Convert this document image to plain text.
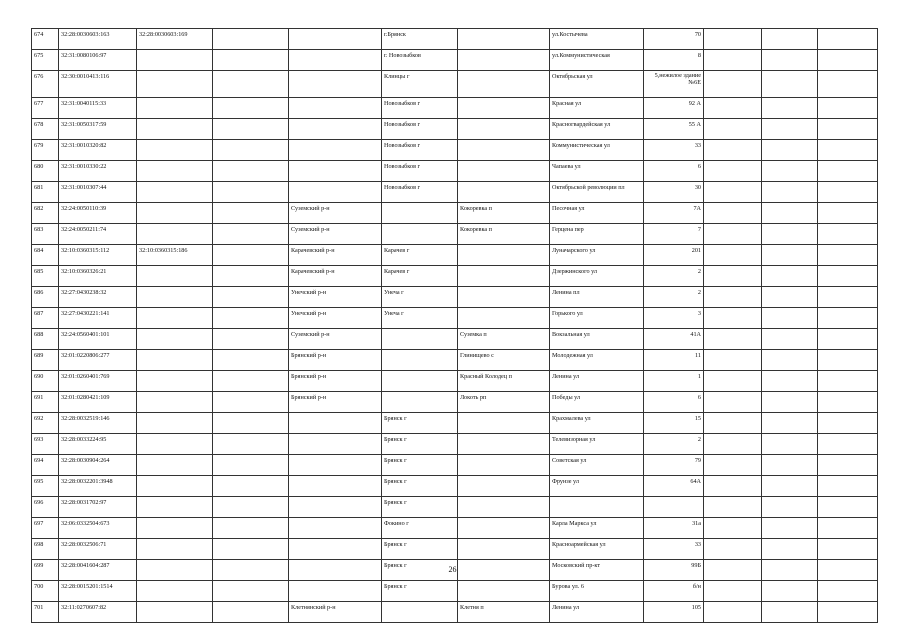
674	32:28:0030603:163	32:28:0030603:169			г.Брянск		ул.Костычева	70			
675	32:31:0080106:97				г. Новозыбков		ул.Коммунистическая	8			
676	32:30:0010413:116				Клинцы г		Октябрьская ул	5,нежилое здание №6Е			
677	32:31:0040115:33				Новозыбков г		Красная ул	92 А			
678	32:31:0050317:59				Новозыбков г		Красногвардейская ул	55 А			
679	32:31:0010320:82				Новозыбков г		Коммунистическая ул	33			
680	32:31:0010330:22				Новозыбков г		Чапаева ул	6			
681	32:31:0010307:44				Новозыбков г		Октябрьской революции пл	30			
682	32:24:0050110:39			Суземский р-н		Кокоревка п	Песочная ул	7А			
683	32:24:0050211:74			Суземский р-н		Кокоревка п	Герцена пер	7			
684	32:10:0360315:112	32:10:0360315:186		Карачевский р-н	Карачев г		Луначарского ул	201			
685	32:10:0360326:21			Карачевский р-н	Карачев г		Дзержинского ул	2			
686	32:27:0430238:32			Унечский р-н	Унеча г		Ленина пл	2			
687	32:27:0430221:141			Унечский р-н	Унеча г		Горького ул	3			
688	32:24:0560401:101			Суземский р-н		Суземка п	Вокзальная ул	41А			
689	32:01:0220806:277			Брянский р-н		Глинищево с	Молодежная ул	11			
690	32:01:0260401:769			Брянский р-н		Красный Колодец п	Ленина ул	1			
691	32:01:0280421:109			Брянский р-н		Локоть рп	Победы ул	6			
692	32:28:0032519:146				Брянск г		Крахмалева ул	15			
693	32:28:0033224:95				Брянск г		Телевизорная ул	2			
694	32:28:0030904:264				Брянск г		Советская ул	79			
695	32:28:0032201:3948				Брянск г		Фрунзе ул	64А			
696	32:28:0031702:97				Брянск г						
697	32:06:0332504:673				Фокино г		Карла Маркса ул	31а			
698	32:28:0032506:71				Брянск г		Красноармейская ул	33			
699	32:28:0041604:287				Брянск г		Московский пр-кт	99Б			
700	32:28:0015201:1514				Брянск г		Бурова ул. 6	б/н			
701	32:11:0270607:82			Клетнянский р-н		Клетня п	Ленина ул	105			
26
